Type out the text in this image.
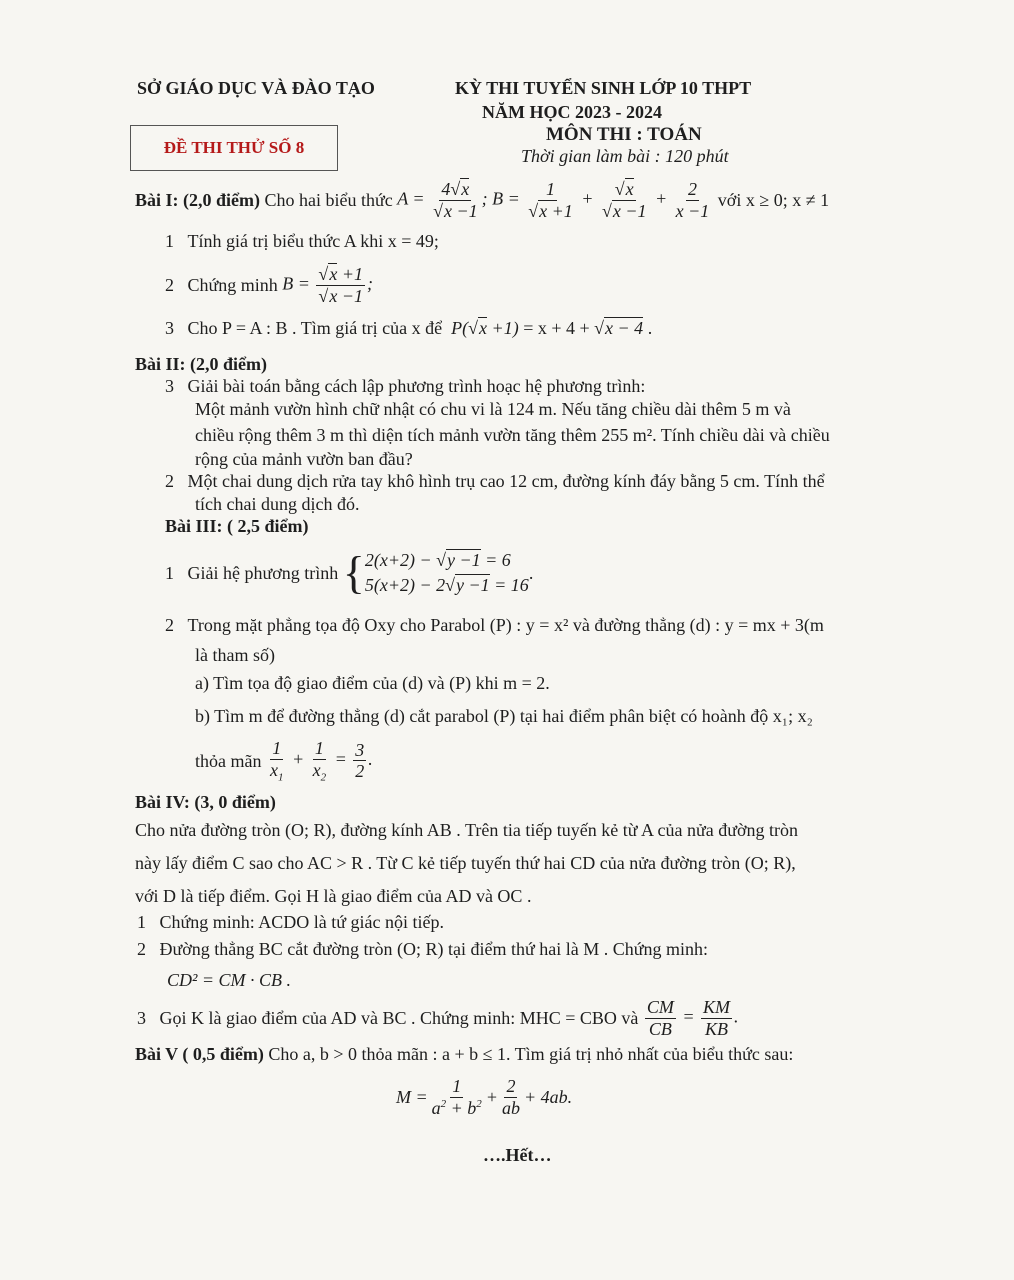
SỞ GIÁO DỤC VÀ ĐÀO TẠO	KỲ THI TUYỂN SINH LỚP 10 THPT
NĂM HỌC 2023 - 2024
ĐỀ THI THỬ SỐ 8
MÔN THI : TOÁN
Thời gian làm bài : 120 phút
Bài I: (2,0 điểm)
Cho hai biểu thức
A = 4 √ x
√ x −1 ; B = 1
√ x +1 + √ x
√ $x -1 + \frac{2}{x -1}$
với x ≥ 0; x ≠ 1
1   Tính giá trị biểu thức A khi x = 49;
2 Chứng minh
B = √ x +1
√ x −1 ;
3   Cho P = A : B . Tìm giá trị của x để P( √ x +1) = x + 4 + √ x − 4 .
Bài II: (2,0 điểm)
3   Giải bài toán bằng cách lập phương trình hoạc hệ phương trình:
Một mảnh vườn hình chữ nhật có chu vi là 124 m. Nếu tăng chiều dài thêm 5 m và
chiều rộng thêm 3 m thì diện tích mảnh vườn tăng thêm 255 m². Tính chiều dài và chiều
rộng của mảnh vườn ban đầu?
2   Một chai dung dịch rửa tay khô hình trụ cao 12 cm, đường kính đáy bằng 5 cm. Tính thể
tích chai dung dịch đó.
Bài III: ( 2,5 điểm)
1 Giải hệ phương trình
{ 2(x+2) − √ y −1 = 6
5(x+2) − 2 √ y −1 = 16
.
2   Trong mặt phẳng tọa độ Oxy cho Parabol (P) : y = x² và đường thẳng (d) : y = mx + 3(m
là tham số)
a) Tìm tọa độ giao điểm của (d) và (P) khi m = 2.
b) Tìm m để đường thẳng (d) cắt parabol (P) tại hai điểm phân biệt có hoành độ x₁; x₂
thỏa mãn
$\frac{1}{x_1} + \frac{1}{x_2} = \frac{3}{2}$ .
Bài IV: (3, 0 điểm)
Cho nửa đường tròn (O; R), đường kính AB . Trên tia tiếp tuyến kẻ từ A của nửa đường tròn
này lấy điểm C sao cho AC > R . Từ C kẻ tiếp tuyến thứ hai CD của nửa đường tròn (O; R),
với D là tiếp điểm. Gọi H là giao điểm của AD và OC .
1   Chứng minh: ACDO là tứ giác nội tiếp.
2   Đường thẳng BC cắt đường tròn (O; R) tại điểm thứ hai là M . Chứng minh:
CD² = CM · CB .
3 Gọi K là giao điểm của AD và BC . Chứng minh: MHC = CBO và
$\frac{CM}{CB} = \frac{KM}{KB}$ .
Bài V ( 0,5 điểm) Cho a, b > 0 thỏa mãn : a + b ≤ 1. Tìm giá trị nhỏ nhất của biểu thức sau:
$M = \frac{1}{a^2 + b^2} + \frac{2}{ab} + 4ab$.
….Hết…
